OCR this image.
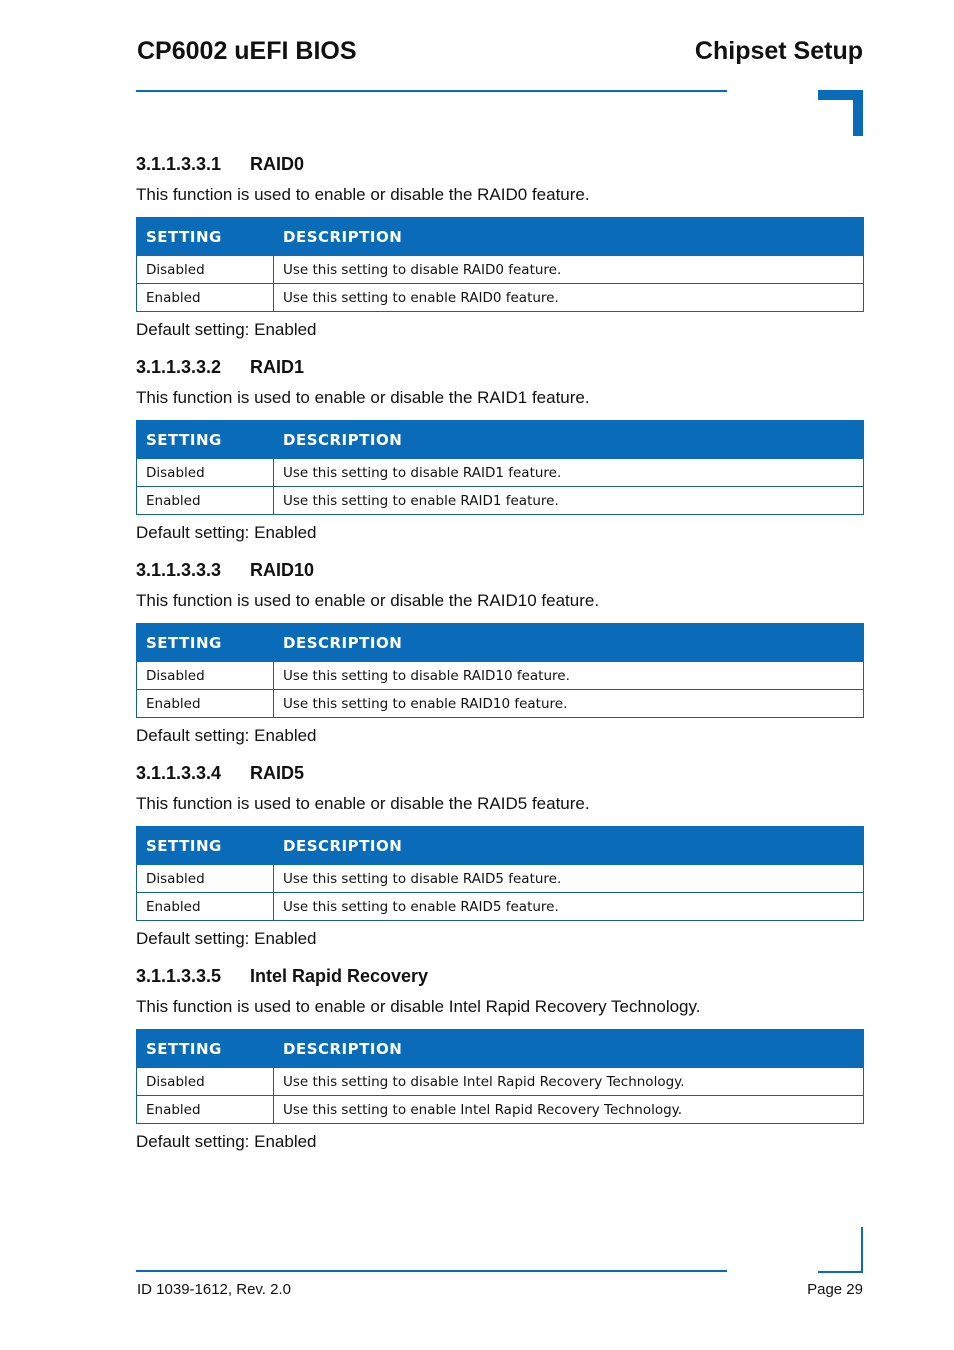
CP6002 uEFI BIOS	Chipset Setup
3.1.1.3.3.1 RAID0

This function is used to enable or disable the RAID0 feature.

SETTING	DESCRIPTION
Disabled	Use this setting to disable RAID0 feature.
Enabled	Use this setting to enable RAID0 feature.

Default setting: Enabled

3.1.1.3.3.2 RAID1

This function is used to enable or disable the RAID1 feature.

SETTING	DESCRIPTION
Disabled	Use this setting to disable RAID1 feature.
Enabled	Use this setting to enable RAID1 feature.

Default setting: Enabled

3.1.1.3.3.3 RAID10

This function is used to enable or disable the RAID10 feature.

SETTING	DESCRIPTION
Disabled	Use this setting to disable RAID10 feature.
Enabled	Use this setting to enable RAID10 feature.

Default setting: Enabled

3.1.1.3.3.4 RAID5

This function is used to enable or disable the RAID5 feature.

SETTING	DESCRIPTION
Disabled	Use this setting to disable RAID5 feature.
Enabled	Use this setting to enable RAID5 feature.

Default setting: Enabled

3.1.1.3.3.5 Intel Rapid Recovery

This function is used to enable or disable Intel Rapid Recovery Technology.

SETTING	DESCRIPTION
Disabled	Use this setting to disable Intel Rapid Recovery Technology.
Enabled	Use this setting to enable Intel Rapid Recovery Technology.

Default setting: Enabled

ID 1039-1612, Rev. 2.0	Page 29
